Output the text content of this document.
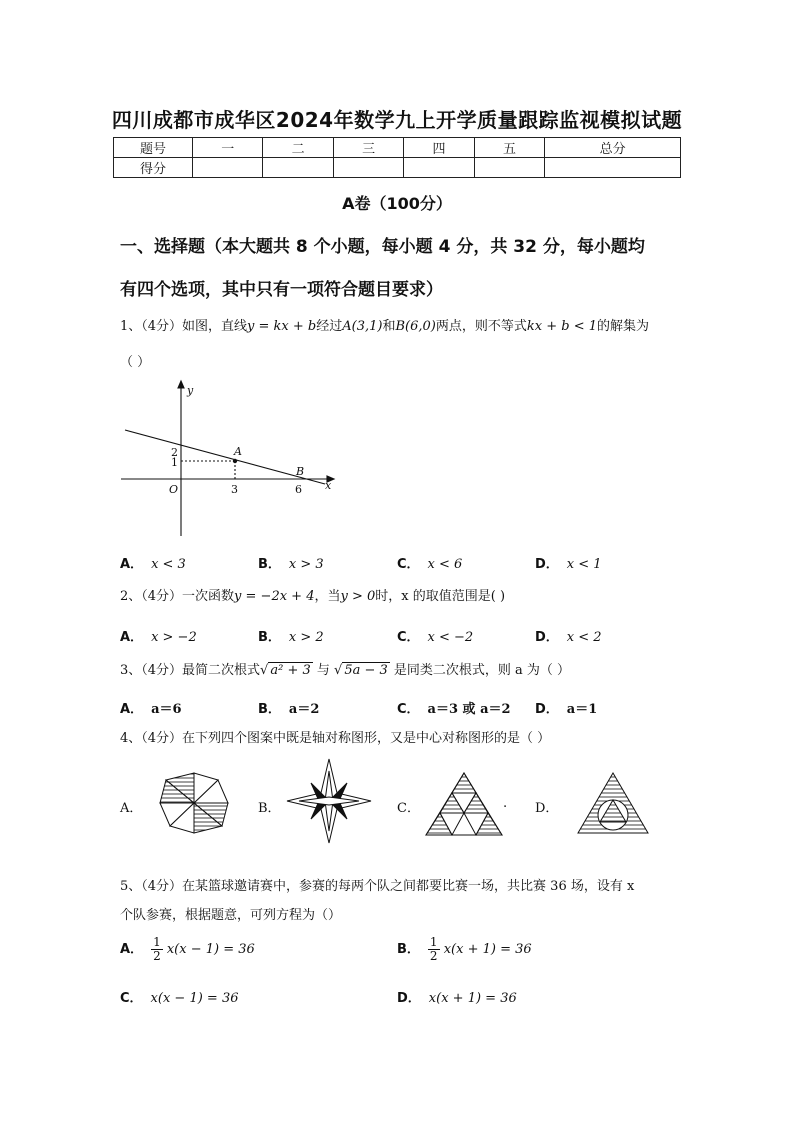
四川成都市成华区2024年数学九上开学质量跟踪监视模拟试题
题号	一	二	三	四	五	总分
得分						
A卷（100分）
一、选择题（本大题共 8 个小题，每小题 4 分，共 32 分，每小题均
有四个选项，其中只有一项符合题目要求）
1、（4分）如图，直线y = kx + b经过A(3,1)和B(6,0)两点，则不等式kx + b < 1的解集为
（ ）
y
x
O
2
1
3	6
A
B
A． x < 3	B． x > 3	C． x < 6	D． x < 1
2、（4分）一次函数y = −2x + 4，当y > 0时，x 的取值范围是( )
A． x > −2	B． x > 2	C． x < −2	D． x < 2
3、（4分）最简二次根式√ a² + 3 与 √ 5a − 3 是同类二次根式，则 a 为（ ）
A． a＝6	B． a＝2	C． a＝3 或 a＝2 D． a＝1
4、（4分）在下列四个图案中既是轴对称图形，又是中心对称图形的是（ ）
A．	B．	C．	. D．
5、（4分）在某篮球邀请赛中，参赛的每两个队之间都要比赛一场，共比赛 36 场，设有 x
个队参赛，根据题意，可列方程为（）
A． $\frac{1}{2} x(x - 1) = 36$	B． $\frac{1}{2} x(x + 1) = 36$
C． x(x − 1) = 36	D． x(x + 1) = 36
